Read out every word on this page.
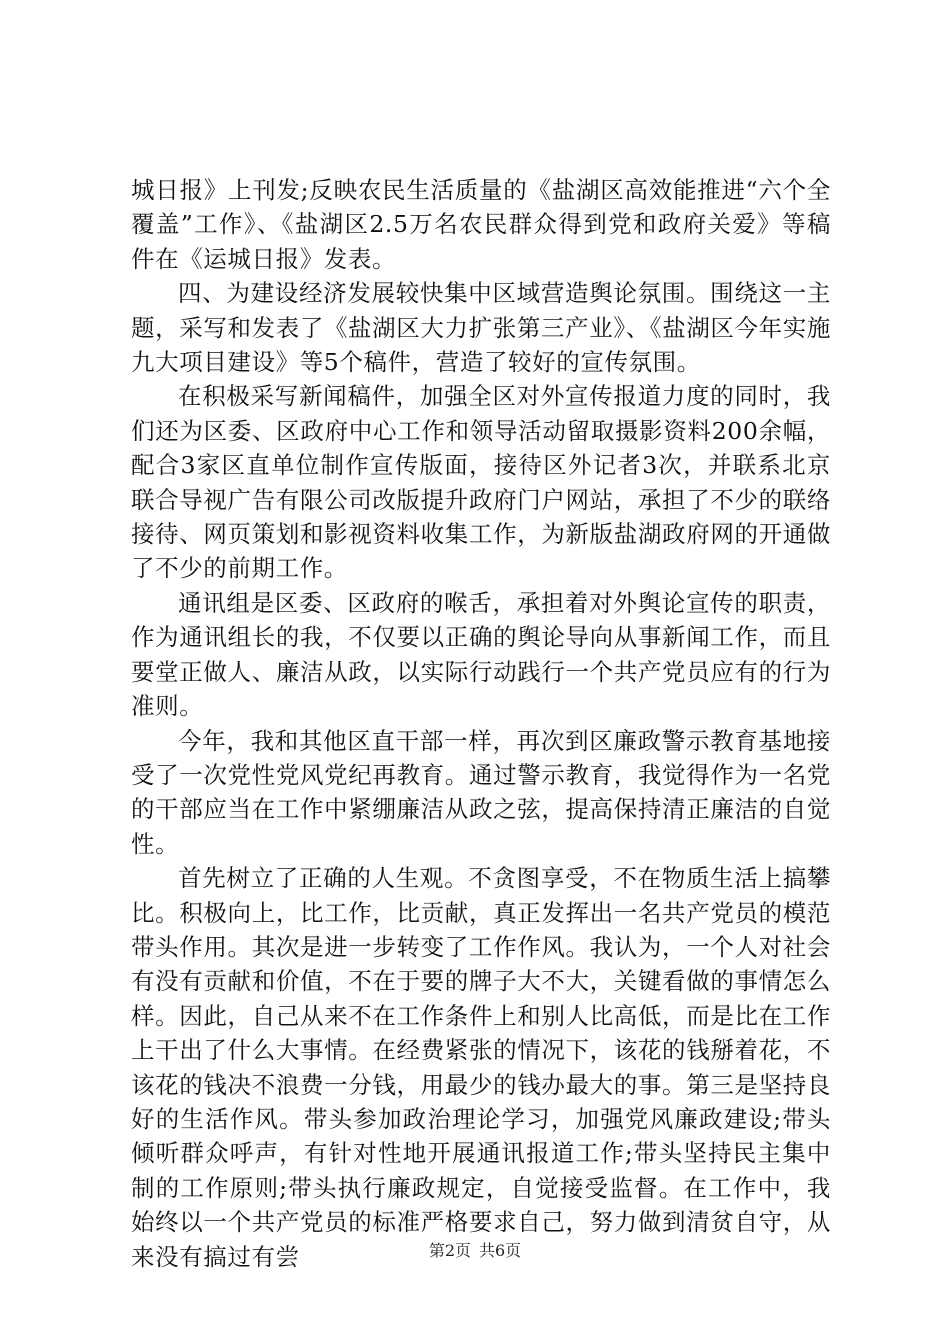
城日报》上刊发;反映农民生活质量的《盐湖区高效能推进“六个全覆盖”工作》、《盐湖区2.5万名农民群众得到党和政府关爱》等稿件在《运城日报》发表。

四、为建设经济发展较快集中区域营造舆论氛围。围绕这一主题，采写和发表了《盐湖区大力扩张第三产业》、《盐湖区今年实施九大项目建设》等5个稿件，营造了较好的宣传氛围。

在积极采写新闻稿件，加强全区对外宣传报道力度的同时，我们还为区委、区政府中心工作和领导活动留取摄影资料200余幅，配合3家区直单位制作宣传版面，接待区外记者3次，并联系北京联合导视广告有限公司改版提升政府门户网站，承担了不少的联络接待、网页策划和影视资料收集工作，为新版盐湖政府网的开通做了不少的前期工作。

通讯组是区委、区政府的喉舌，承担着对外舆论宣传的职责，作为通讯组长的我，不仅要以正确的舆论导向从事新闻工作，而且要堂正做人、廉洁从政，以实际行动践行一个共产党员应有的行为准则。

今年，我和其他区直干部一样，再次到区廉政警示教育基地接受了一次党性党风党纪再教育。通过警示教育，我觉得作为一名党的干部应当在工作中紧绷廉洁从政之弦，提高保持清正廉洁的自觉性。

首先树立了正确的人生观。不贪图享受，不在物质生活上搞攀比。积极向上，比工作，比贡献，真正发挥出一名共产党员的模范带头作用。其次是进一步转变了工作作风。我认为，一个人对社会有没有贡献和价值，不在于要的牌子大不大，关键看做的事情怎么样。因此，自己从来不在工作条件上和别人比高低，而是比在工作上干出了什么大事情。在经费紧张的情况下，该花的钱掰着花，不该花的钱决不浪费一分钱，用最少的钱办最大的事。第三是坚持良好的生活作风。带头参加政治理论学习，加强党风廉政建设;带头倾听群众呼声，有针对性地开展通讯报道工作;带头坚持民主集中制的工作原则;带头执行廉政规定，自觉接受监督。在工作中，我始终以一个共产党员的标准严格要求自己，努力做到清贫自守，从来没有搞过有尝	第2页 共6页
